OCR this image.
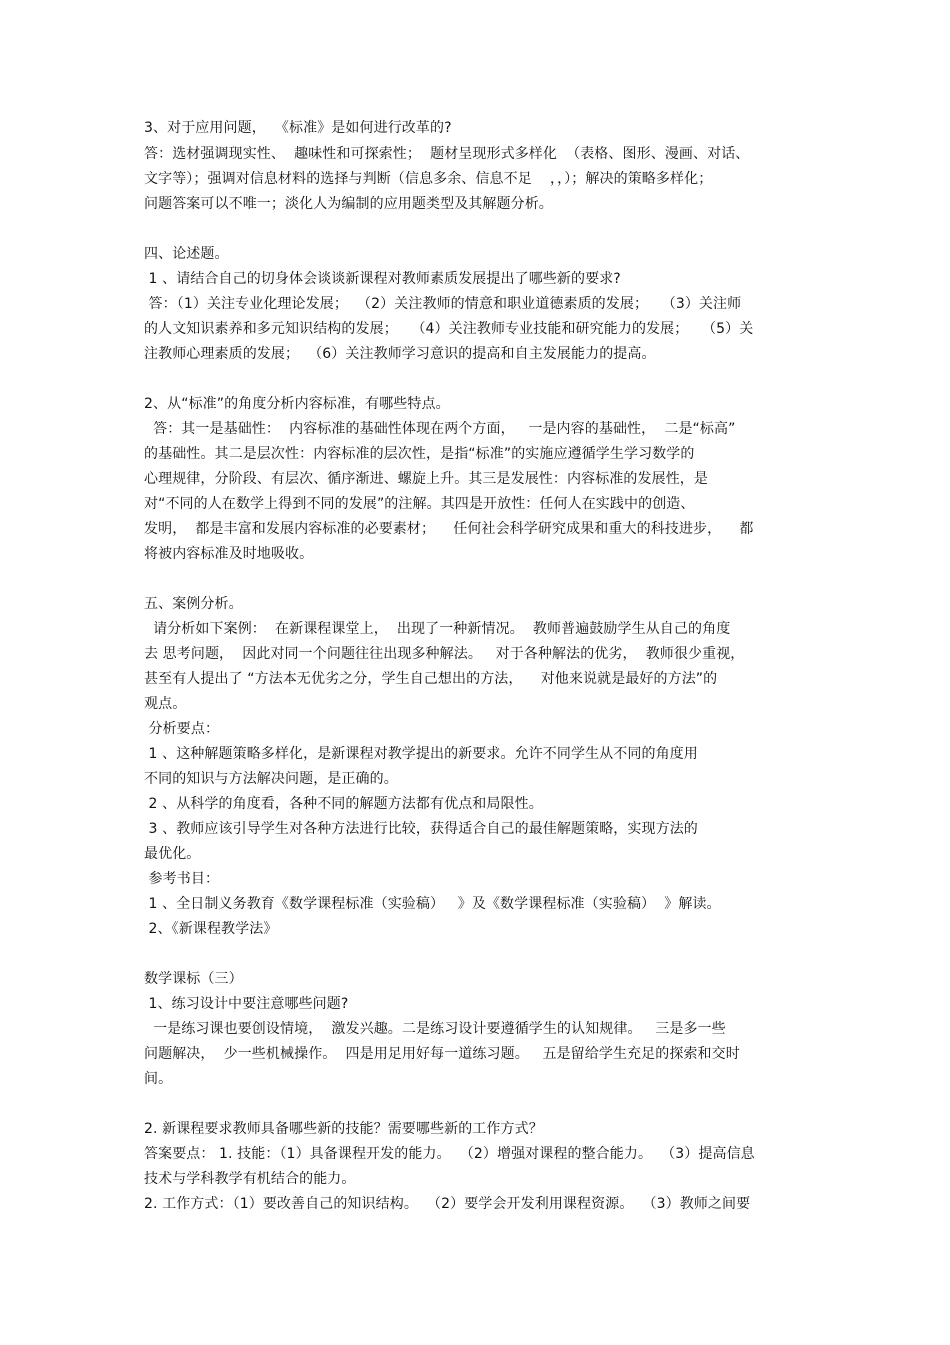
3、对于应用问题，  《标准》是如何进行改革的?
答：选材强调现实性、  趣味性和可探索性；  题材呈现形式多样化  （表格、图形、漫画、对话、
文字等）；强调对信息材料的选择与判断（信息多余、信息不足    ，，）；解决的策略多样化；
问题答案可以不唯一；淡化人为编制的应用题类型及其解题分析。
四、论述题。
1 、请结合自己的切身体会谈谈新课程对教师素质发展提出了哪些新的要求?
答：（1）关注专业化理论发展；  （2）关注教师的情意和职业道德素质的发展；   （3）关注师
的人文知识素养和多元知识结构的发展；   （4）关注教师专业技能和研究能力的发展；   （5）关
注教师心理素质的发展；  （6）关注教师学习意识的提高和自主发展能力的提高。
2、从“标准”的角度分析内容标准，有哪些特点。
答：其一是基础性：  内容标准的基础性体现在两个方面，   一是内容的基础性，  二是“标高”
的基础性。其二是层次性：内容标准的层次性，是指“标准”的实施应遵循学生学习数学的
心理规律，分阶段、有层次、循序渐进、螺旋上升。其三是发展性：内容标准的发展性，是
对“不同的人在数学上得到不同的发展”的注解。其四是开放性：任何人在实践中的创造、
发明，  都是丰富和发展内容标准的必要素材；    任何社会科学研究成果和重大的科技进步，    都
将被内容标准及时地吸收。
五、案例分析。
请分析如下案例：  在新课程课堂上，  出现了一种新情况。  教师普遍鼓励学生从自己的角度
去 思考问题，  因此对同一个问题往往出现多种解法。   对于各种解法的优劣，  教师很少重视，
甚至有人提出了 “方法本无优劣之分，学生自己想出的方法，    对他来说就是最好的方法”的
观点。
分析要点：
1 、这种解题策略多样化，是新课程对教学提出的新要求。允许不同学生从不同的角度用
不同的知识与方法解决问题，是正确的。
2 、从科学的角度看，各种不同的解题方法都有优点和局限性。
3 、教师应该引导学生对各种方法进行比较，获得适合自己的最佳解题策略，实现方法的
最优化。
参考书目：
1 、全日制义务教育《数学课程标准（实验稿）   》及《数学课程标准（实验稿）  》解读。
2、《新课程教学法》
数学课标（三）
1、练习设计中要注意哪些问题?
一是练习课也要创设情境，  激发兴趣。二是练习设计要遵循学生的认知规律。   三是多一些
问题解决，  少一些机械操作。  四是用足用好每一道练习题。   五是留给学生充足的探索和交时
间。
2. 新课程要求教师具备哪些新的技能？需要哪些新的工作方式？
答案要点： 1. 技能：（1）具备课程开发的能力。  （2）增强对课程的整合能力。  （3）提高信息
技术与学科教学有机结合的能力。
2. 工作方式：（1）要改善自己的知识结构。  （2）要学会开发利用课程资源。  （3）教师之间要
